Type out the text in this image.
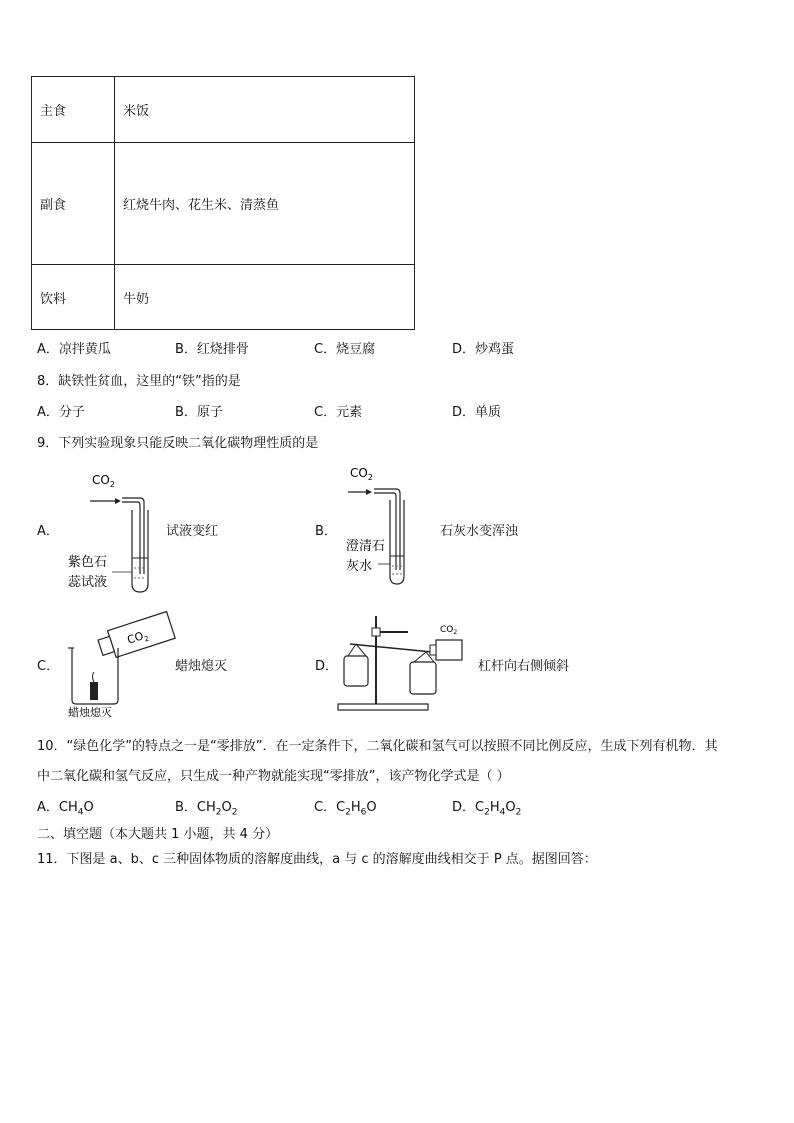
主食	米饭
副食	红烧牛肉、花生米、清蒸鱼
饮料	牛奶
A．凉拌黄瓜	B．红烧排骨	C．烧豆腐	D．炒鸡蛋
8．缺铁性贫血，这里的“铁”指的是
A．分子	B．原子	C．元素	D．单质
9．下列实验现象只能反映二氧化碳物理性质的是
A．
$CO_2$
紫色石
蕊试液
试液变红	B．
$CO_2$
澄清石
灰水
石灰水变浑浊
C．
$CO_2$
蜡烛熄灭
蜡烛熄灭	D．
$CO_2$
杠杆向右侧倾斜
10．“绿色化学”的特点之一是“零排放”．在一定条件下，二氧化碳和氢气可以按照不同比例反应，生成下列有机物．其
中二氧化碳和氢气反应，只生成一种产物就能实现“零排放”，该产物化学式是（ ）
A．$CH_4O$	B．$CH_2O_2$	C．$C_2H_6O$	D．$C_2H_4O_2$
二、填空题（本大题共 1 小题，共 4 分）
11．下图是 a、b、c 三种固体物质的溶解度曲线，a 与 c 的溶解度曲线相交于 P 点。据图回答：
